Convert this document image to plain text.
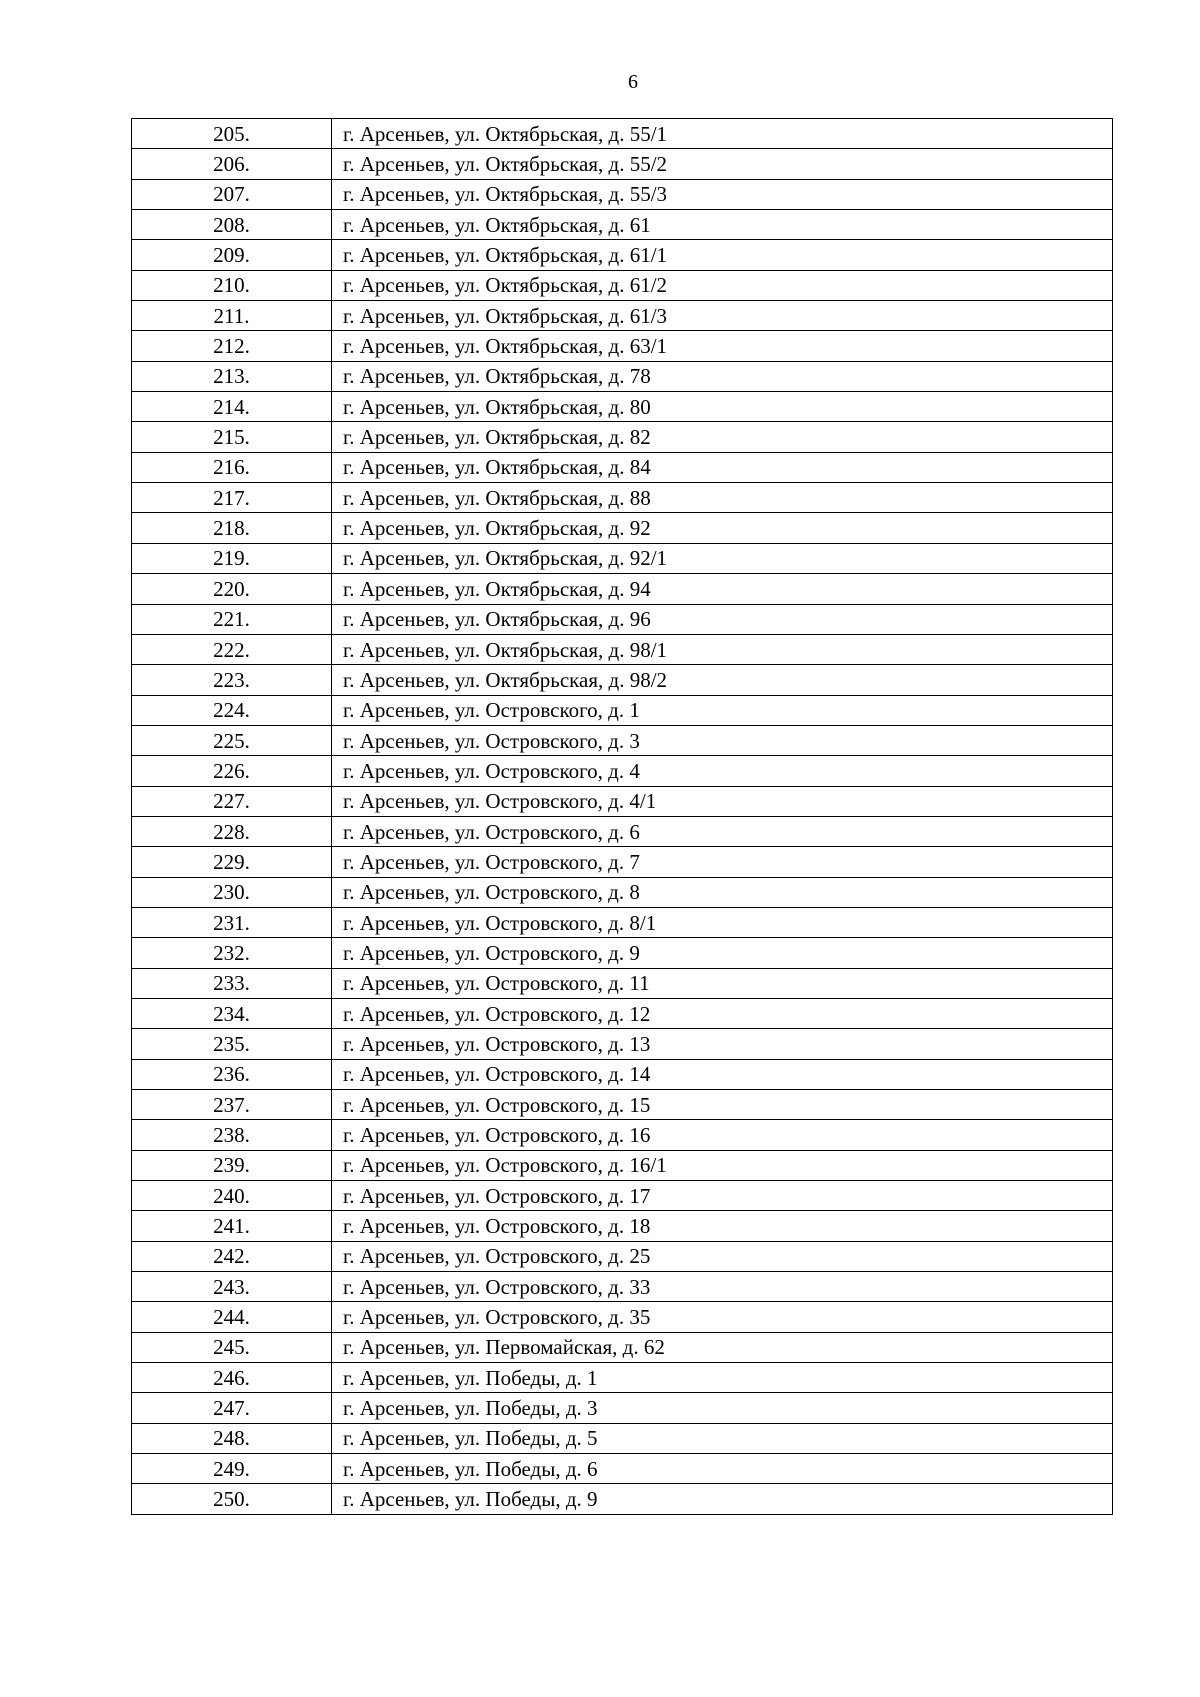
6
205.	г. Арсеньев, ул. Октябрьская, д. 55/1
206.	г. Арсеньев, ул. Октябрьская, д. 55/2
207.	г. Арсеньев, ул. Октябрьская, д. 55/3
208.	г. Арсеньев, ул. Октябрьская, д. 61
209.	г. Арсеньев, ул. Октябрьская, д. 61/1
210.	г. Арсеньев, ул. Октябрьская, д. 61/2
211.	г. Арсеньев, ул. Октябрьская, д. 61/3
212.	г. Арсеньев, ул. Октябрьская, д. 63/1
213.	г. Арсеньев, ул. Октябрьская, д. 78
214.	г. Арсеньев, ул. Октябрьская, д. 80
215.	г. Арсеньев, ул. Октябрьская, д. 82
216.	г. Арсеньев, ул. Октябрьская, д. 84
217.	г. Арсеньев, ул. Октябрьская, д. 88
218.	г. Арсеньев, ул. Октябрьская, д. 92
219.	г. Арсеньев, ул. Октябрьская, д. 92/1
220.	г. Арсеньев, ул. Октябрьская, д. 94
221.	г. Арсеньев, ул. Октябрьская, д. 96
222.	г. Арсеньев, ул. Октябрьская, д. 98/1
223.	г. Арсеньев, ул. Октябрьская, д. 98/2
224.	г. Арсеньев, ул. Островского, д. 1
225.	г. Арсеньев, ул. Островского, д. 3
226.	г. Арсеньев, ул. Островского, д. 4
227.	г. Арсеньев, ул. Островского, д. 4/1
228.	г. Арсеньев, ул. Островского, д. 6
229.	г. Арсеньев, ул. Островского, д. 7
230.	г. Арсеньев, ул. Островского, д. 8
231.	г. Арсеньев, ул. Островского, д. 8/1
232.	г. Арсеньев, ул. Островского, д. 9
233.	г. Арсеньев, ул. Островского, д. 11
234.	г. Арсеньев, ул. Островского, д. 12
235.	г. Арсеньев, ул. Островского, д. 13
236.	г. Арсеньев, ул. Островского, д. 14
237.	г. Арсеньев, ул. Островского, д. 15
238.	г. Арсеньев, ул. Островского, д. 16
239.	г. Арсеньев, ул. Островского, д. 16/1
240.	г. Арсеньев, ул. Островского, д. 17
241.	г. Арсеньев, ул. Островского, д. 18
242.	г. Арсеньев, ул. Островского, д. 25
243.	г. Арсеньев, ул. Островского, д. 33
244.	г. Арсеньев, ул. Островского, д. 35
245.	г. Арсеньев, ул. Первомайская, д. 62
246.	г. Арсеньев, ул. Победы, д. 1
247.	г. Арсеньев, ул. Победы, д. 3
248.	г. Арсеньев, ул. Победы, д. 5
249.	г. Арсеньев, ул. Победы, д. 6
250.	г. Арсеньев, ул. Победы, д. 9
